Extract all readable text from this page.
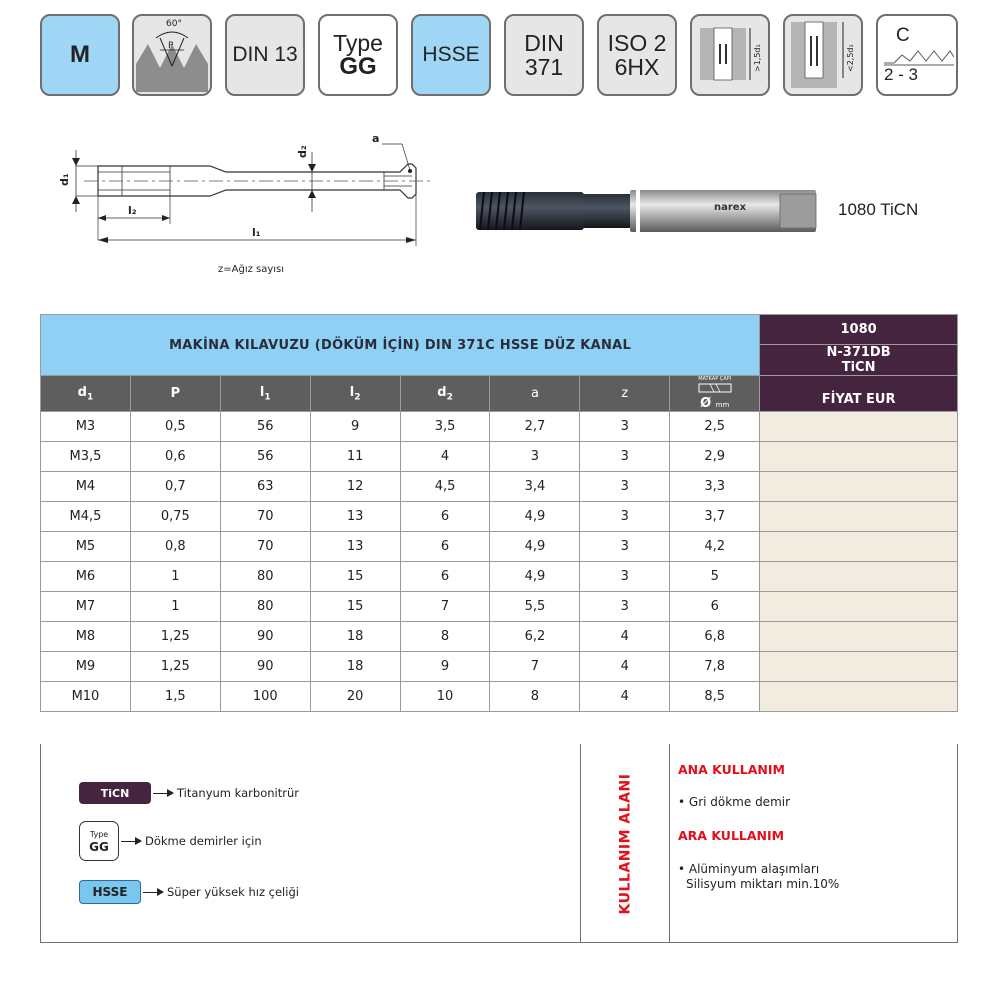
M
60°
P	DIN 13 Type
GG HSSE DIN
371
ISO 2
6HX	>1,5d₁	<2,5d₁
C
2 - 3
d₁
l₂
l₁
d₂
a
z=Ağız sayısı
narex	1080 TiCN
MAKİNA KILAVUZU (DÖKÜM İÇİN) DIN 371C HSSE DÜZ KANAL								1080

								N-371DB
TiCN

$d_1$	P	$l_1$	$l_2$	$d_2$	a	z	MATKAP ÇAPI
Ø mm	FİYAT EUR
M3	0,5	56	9	3,5	2,7	3	2,5	
M3,5	0,6	56	11	4	3	3	2,9	
M4	0,7	63	12	4,5	3,4	3	3,3	
M4,5	0,75	70	13	6	4,9	3	3,7	
M5	0,8	70	13	6	4,9	3	4,2	
M6	1	80	15	6	4,9	3	5	
M7	1	80	15	7	5,5	3	6	
M8	1,25	90	18	8	6,2	4	6,8	
M9	1,25	90	18	9	7	4	7,8	
M10	1,5	100	20	10	8	4	8,5	
TiCN	Titanyum karbonitrür
Type
GG	Dökme demirler için
HSSE	Süper yüksek hız çeliği	KULLANIM ALANI
ANA KULLANIM
• Gri dökme demir
ARA KULLANIM
• Alüminyum alaşımları
Silisyum miktarı min.10%
